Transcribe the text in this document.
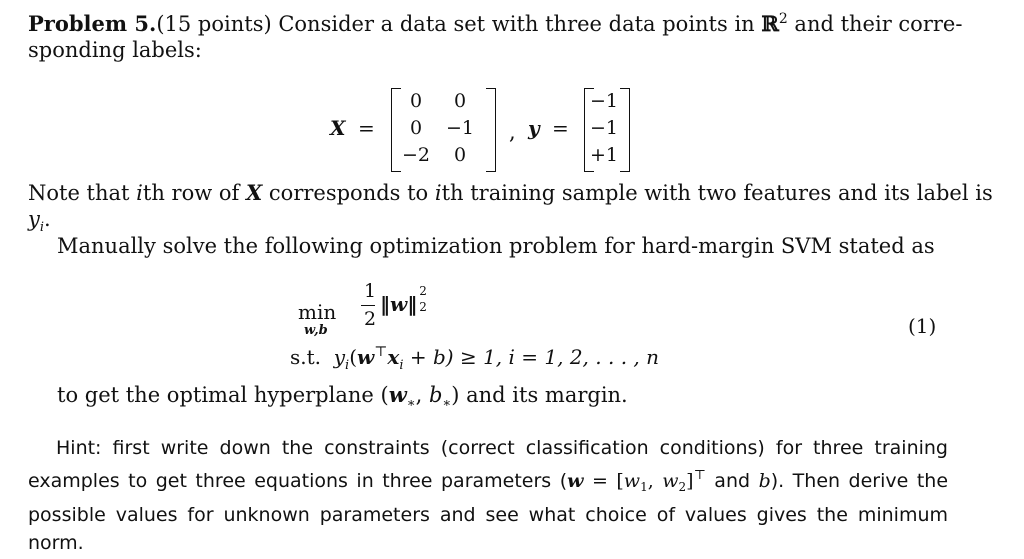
Problem 5.(15 points) Consider a data set with three data points in ℝ$^2$ and their corre-
sponding labels:
X =
0	0
0	−1
−2	0
, y =
−1
−1
+1
Note that ith row of X corresponds to ith training sample with two features and its label is
$y_i$.
Manually solve the following optimization problem for hard-margin SVM stated as
min
w,b
1
2
‖w‖
2
2
(1)
s.t. $y_i(w^⊤x_i + b) \ge 1$, i = 1, 2, . . . , n
to get the optimal hyperplane ($w_∗$, $b_∗$) and its margin.
Hint: first write down the constraints (correct classification conditions) for three training
examples to get three equations in three parameters ($w = [w_1$, $w_2]^⊤$ and b). Then derive the
possible values for unknown parameters and see what choice of values gives the minimum norm.
